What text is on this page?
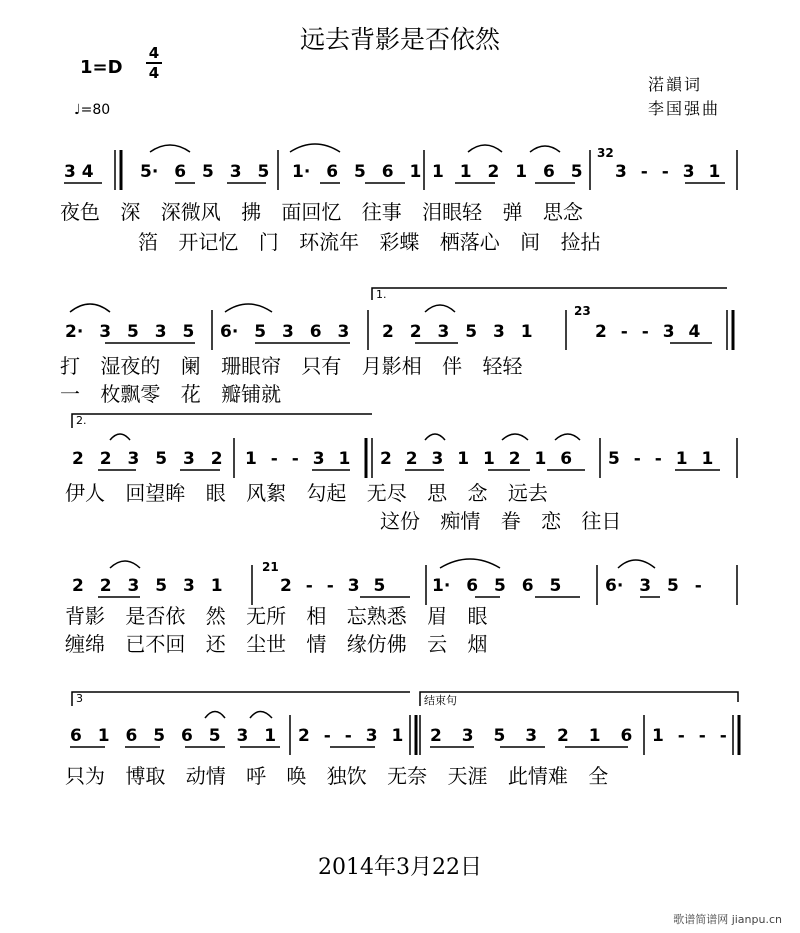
远去背影是否依然
1=D
4
4
♩=80
渃韻词
李国强曲
1.
2.
3	结束句
32
23
21
3 4	5· 6 5 3 5 1· 6 5 6 1 1 1 2 1 6 5 3 - - 3 1
夜色 深 深微风 拂 面回忆 往事 泪眼轻 弹 思念
箔 开记忆 门 环流年 彩蝶 栖落心 间 捡拈
2· 3 5 3 5 6· 5 3 6 3 2 2 3 5 3 1	2 - - 3 4
打 湿夜的 阑 珊眼帘 只有 月影相 伴 轻轻
一 枚飘零 花 瓣铺就
2 2 3 5 3 2 1 - - 3 1 2 2 3 1 1 2 1 6 5 - - 1 1
伊人 回望眸 眼 风絮 勾起 无尽 思 念 远去
这份 痴情 眷 恋 往日
2 2 3 5 3 1	2 - - 3 5	1· 6 5 6 5	6· 3 5 -
背影 是否依 然 无所 相 忘熟悉 眉 眼
缠绵 已不回 还 尘世 情 缘仿佛 云 烟
6 1 6 5 6 5 3 1 2 - - 3 1 2 3 5 3 2 1 6 1 - - -
只为 博取 动情 呼 唤 独饮 无奈 天涯 此情难 全
2014年3月22日
歌谱简谱网 jianpu.cn
